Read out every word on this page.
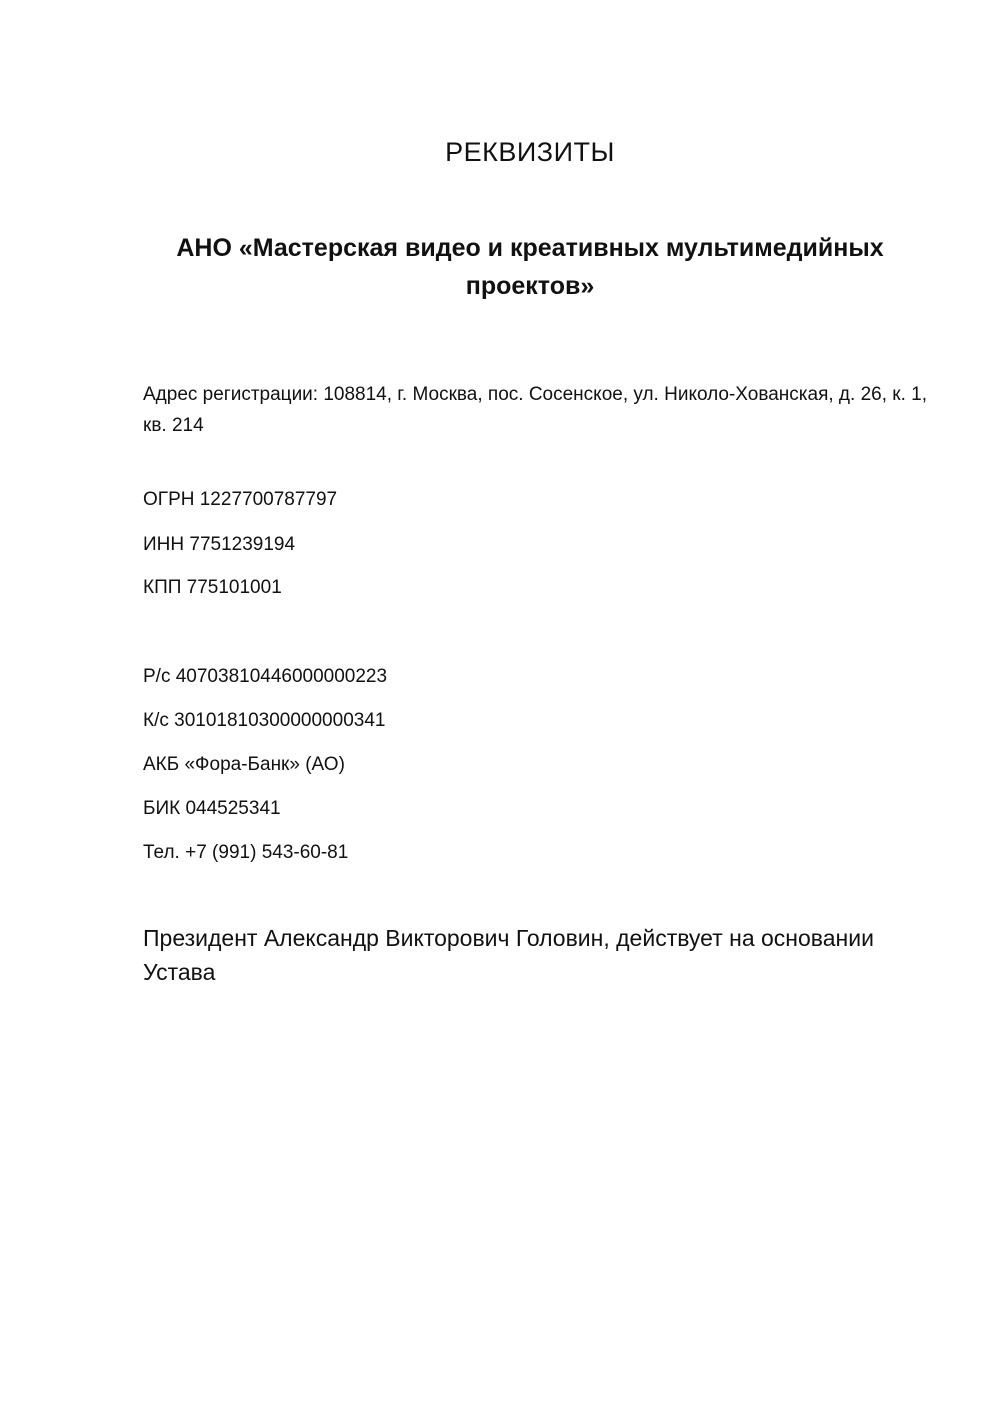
РЕКВИЗИТЫ
АНО «Мастерская видео и креативных мультимедийных проектов»

Адрес регистрации: 108814, г. Москва, пос. Сосенское, ул. Николо-Хованская, д. 26, к. 1, кв. 214

ОГРН 1227700787797

ИНН 7751239194

КПП 775101001

Р/с 40703810446000000223

К/с 30101810300000000341

АКБ «Фора-Банк» (АО)

БИК 044525341

Тел. +7 (991) 543-60-81

Президент Александр Викторович Головин, действует на основании Устава
